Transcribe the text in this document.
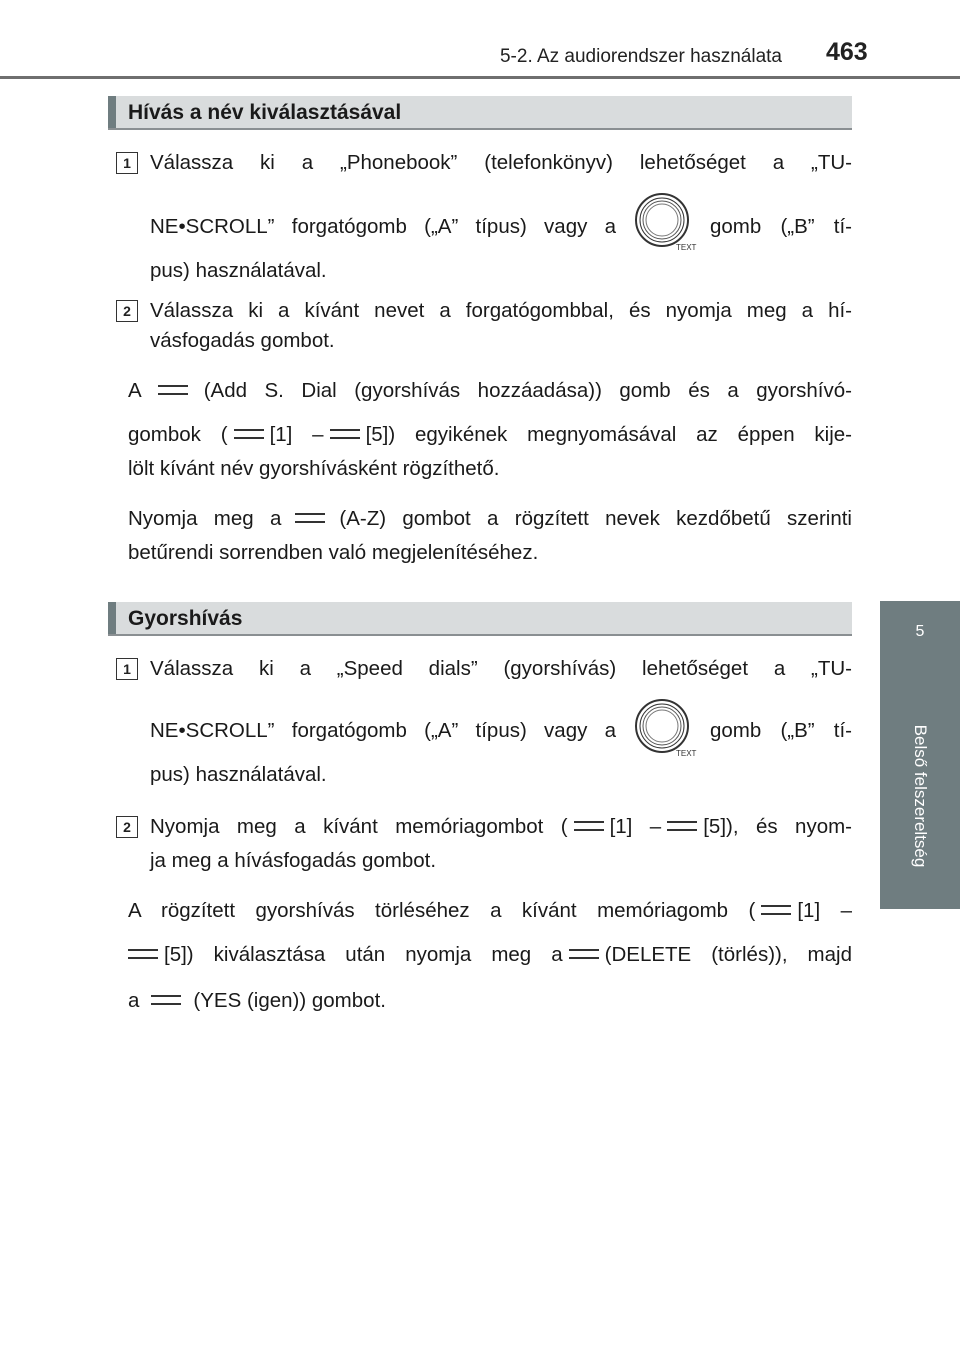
5-2. Az audiorendszer használata 463
5
Belső felszereltség
Hívás a név kiválasztásával
1 Válassza ki a „Phonebook” (telefonkönyv) lehetőséget a „TU-
NE•SCROLL” forgatógomb („A” típus) vagy a
TEXT
gomb („B” tí-
pus) használatával.
2 Válassza ki a kívánt nevet a forgatógombbal, és nyomja meg a hí-
vásfogadás gombot.
A	(Add S. Dial (gyorshívás hozzáadása)) gomb és a gyorshívó-
gombok ( [1] – [5]) egyikének megnyomásával az éppen kije-
lölt kívánt név gyorshívásként rögzíthető.
Nyomja meg a	(A-Z) gombot a rögzített nevek kezdőbetű szerinti
betűrendi sorrendben való megjelenítéséhez.
Gyorshívás
1 Válassza ki a „Speed dials” (gyorshívás) lehetőséget a „TU-
NE•SCROLL” forgatógomb („A” típus) vagy a
TEXT
gomb („B” tí-
pus) használatával.
2 Nyomja meg a kívánt memóriagombot ( [1] – [5]), és nyom-
ja meg a hívásfogadás gombot.
A rögzített gyorshívás törléséhez a kívánt memóriagomb ( [1] –
[5]) kiválasztása után nyomja meg a (DELETE (törlés)), majd
a	(YES (igen)) gombot.
